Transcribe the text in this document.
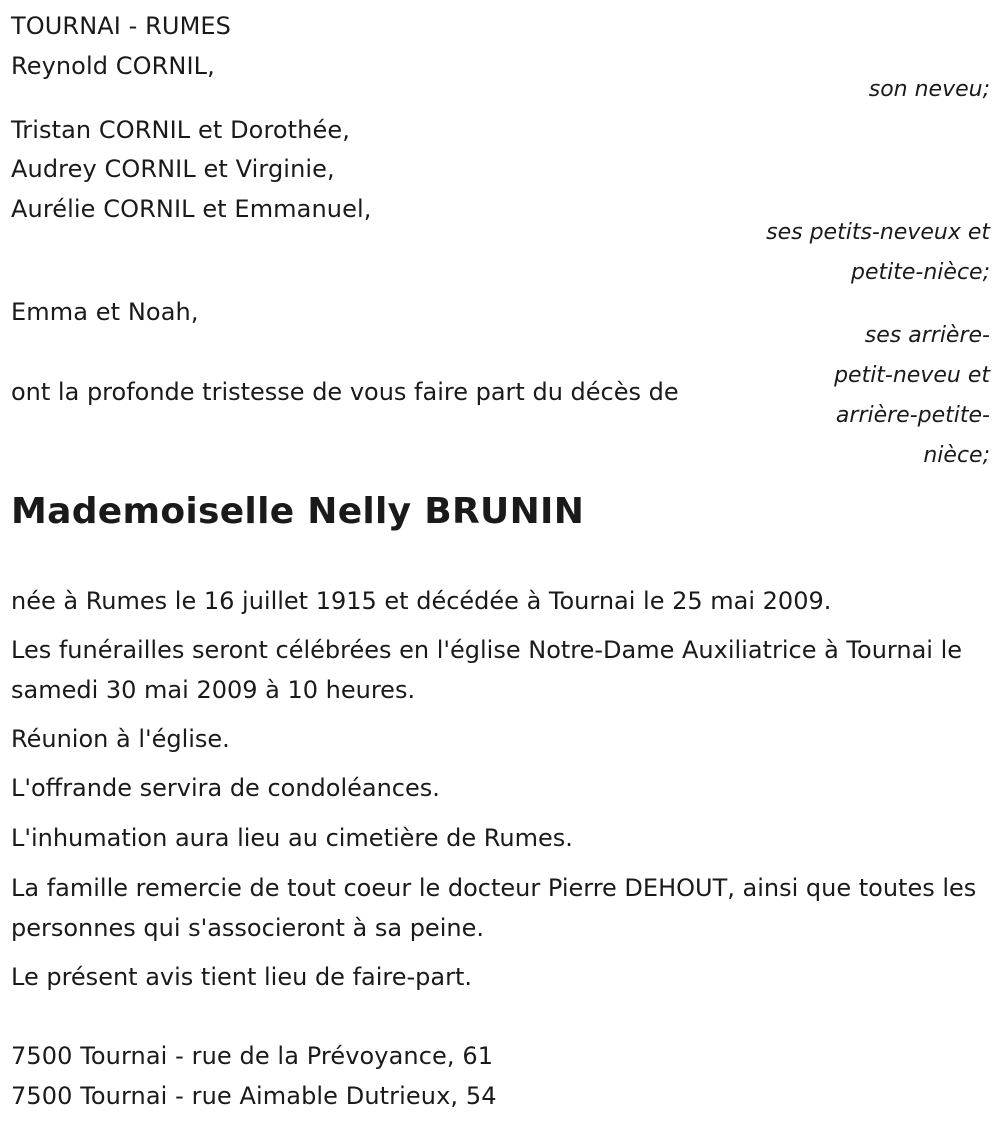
TOURNAI - RUMES
Reynold CORNIL,
son neveu;
Tristan CORNIL et Dorothée,
Audrey CORNIL et Virginie,
Aurélie CORNIL et Emmanuel,
ses petits-neveux et
petite-nièce;
Emma et Noah,
ses arrière-
petit-neveu et
arrière-petite-
nièce;
ont la profonde tristesse de vous faire part du décès de
Mademoiselle Nelly BRUNIN
née à Rumes le 16 juillet 1915 et décédée à Tournai le 25 mai 2009.
Les funérailles seront célébrées en l'église Notre-Dame Auxiliatrice à Tournai le samedi 30 mai 2009 à 10 heures.
Réunion à l'église.
L'offrande servira de condoléances.
L'inhumation aura lieu au cimetière de Rumes.
La famille remercie de tout coeur le docteur Pierre DEHOUT, ainsi que toutes les personnes qui s'associeront à sa peine.
Le présent avis tient lieu de faire-part.
7500 Tournai - rue de la Prévoyance, 61
7500 Tournai - rue Aimable Dutrieux, 54
